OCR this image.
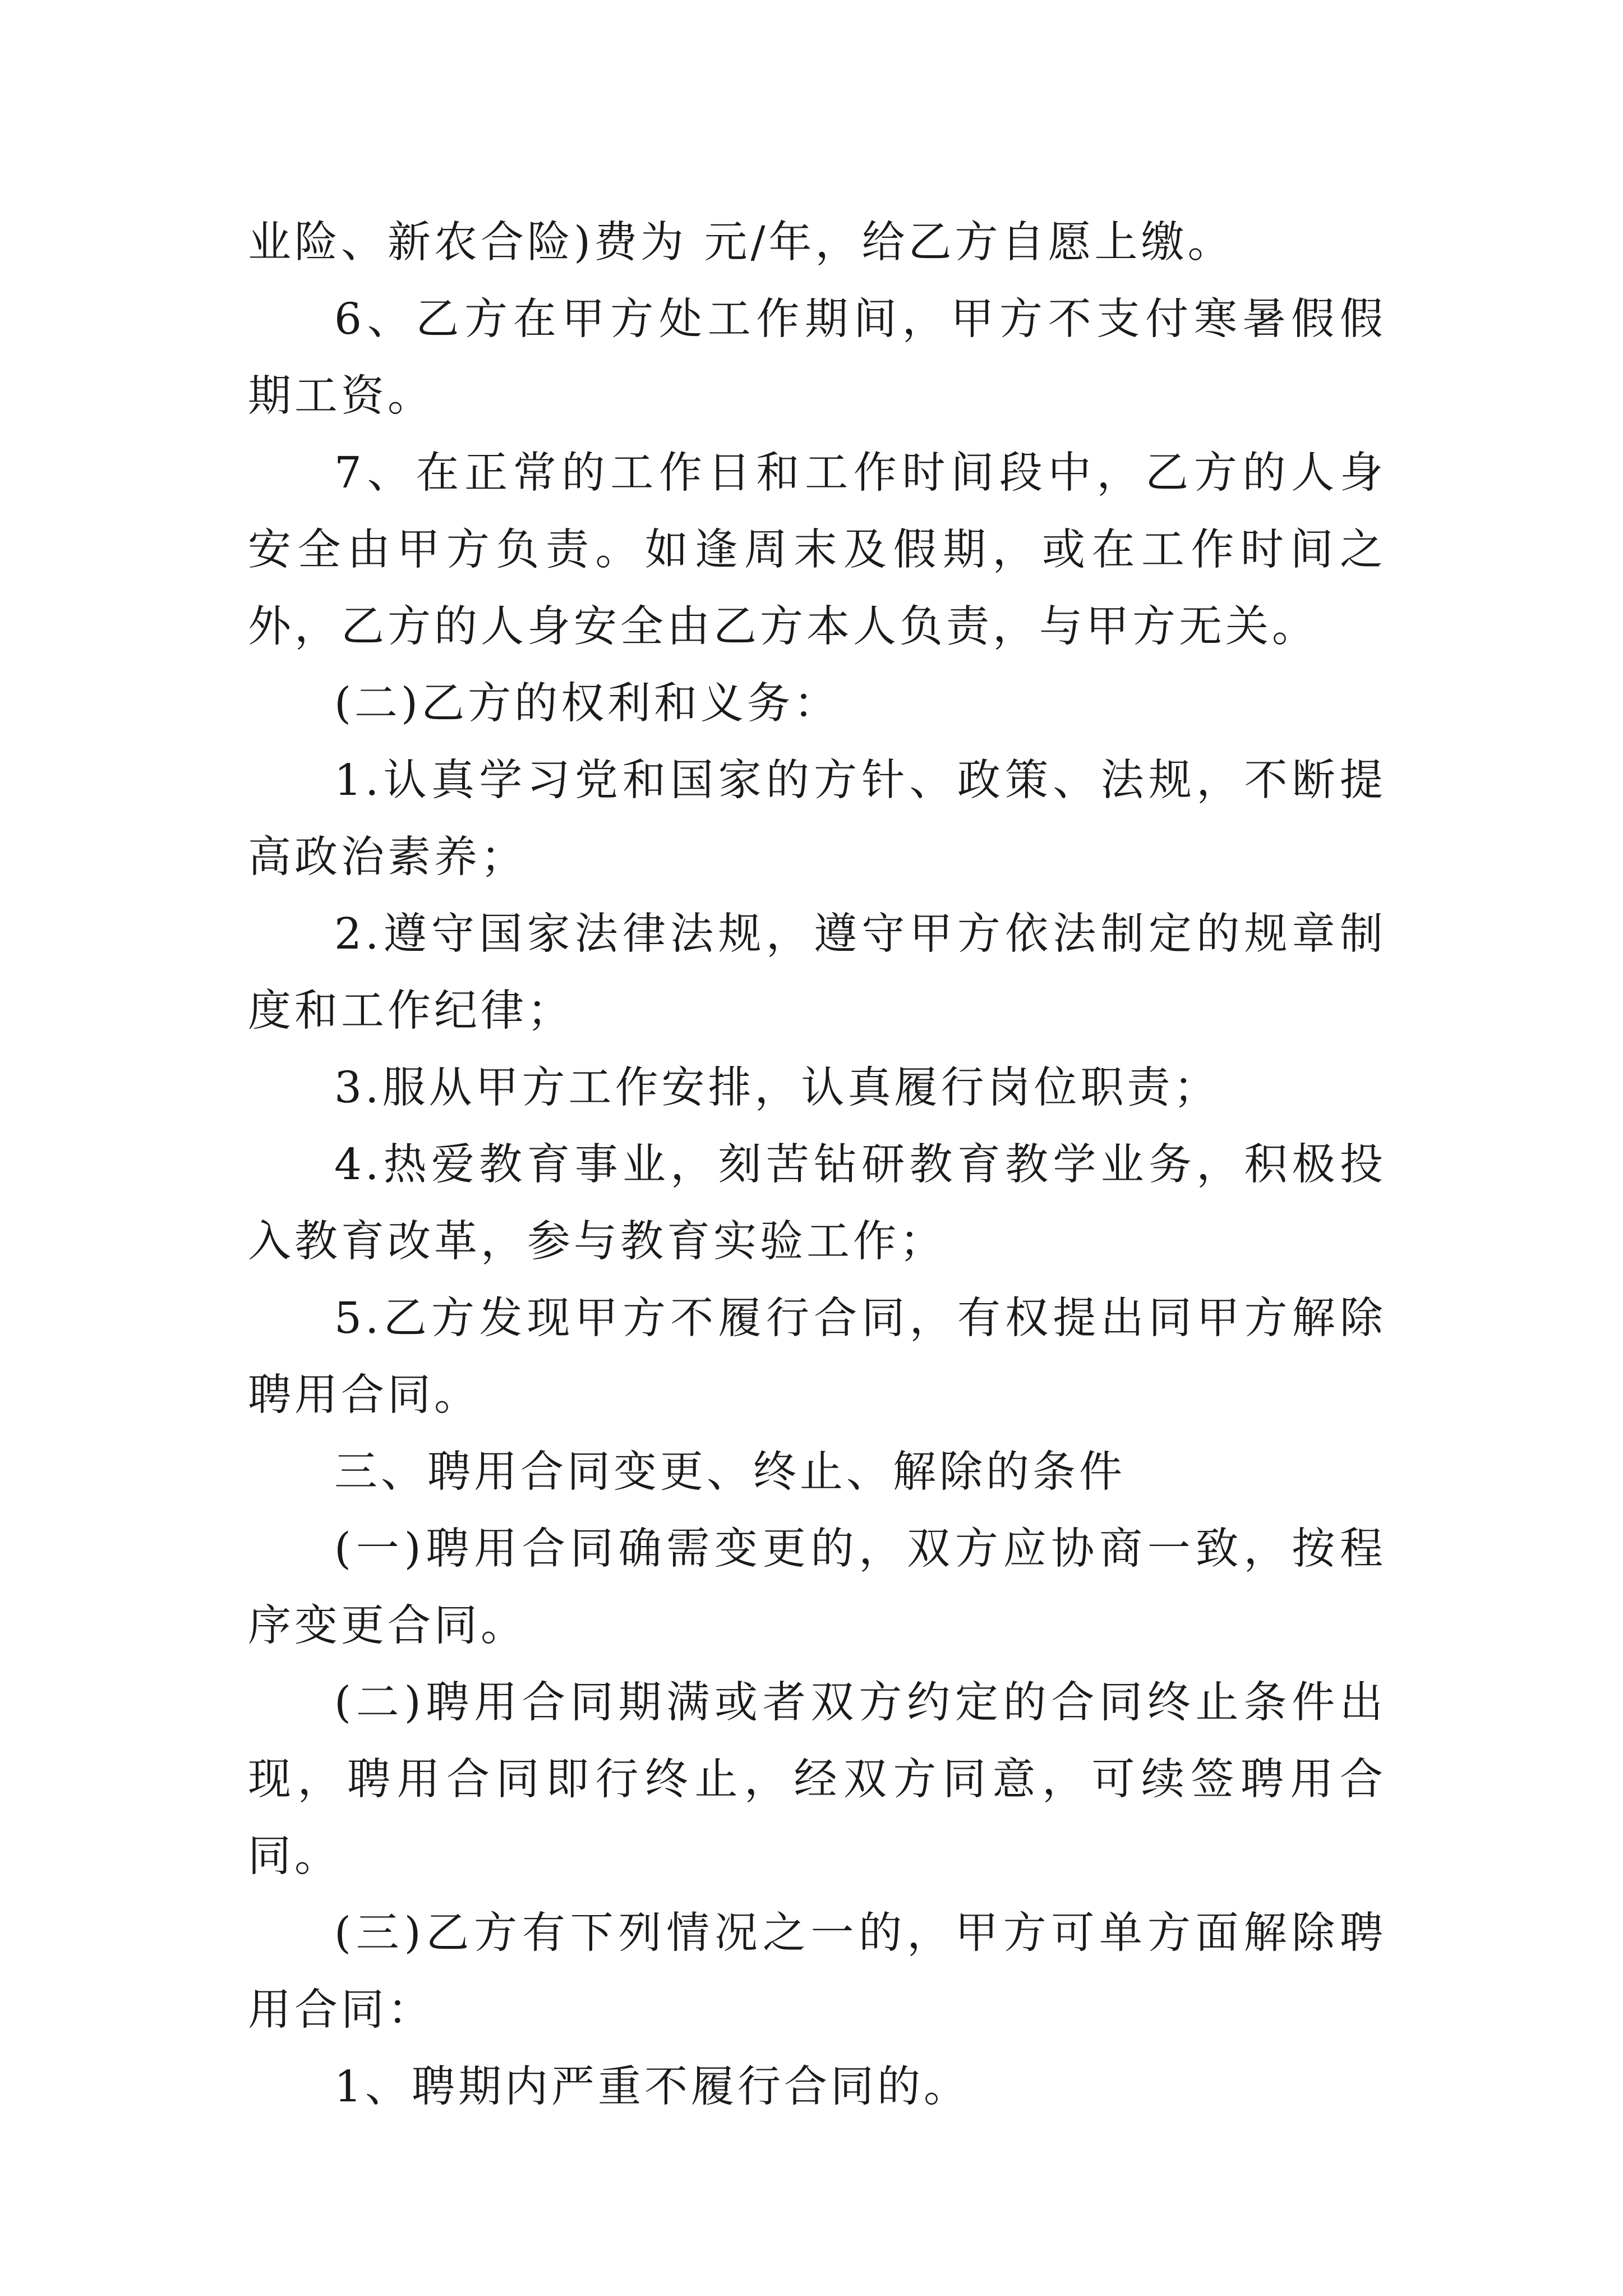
业险、新农合险)费为 元/年，给乙方自愿上缴。

6、乙方在甲方处工作期间，甲方不支付寒暑假假期工资。

7、在正常的工作日和工作时间段中，乙方的人身安全由甲方负责。如逢周末及假期，或在工作时间之外，乙方的人身安全由乙方本人负责，与甲方无关。

(二)乙方的权利和义务：

1.认真学习党和国家的方针、政策、法规，不断提高政治素养；

2.遵守国家法律法规，遵守甲方依法制定的规章制度和工作纪律；

3.服从甲方工作安排，认真履行岗位职责；

4.热爱教育事业，刻苦钻研教育教学业务，积极投入教育改革，参与教育实验工作；

5.乙方发现甲方不履行合同，有权提出同甲方解除聘用合同。

三、聘用合同变更、终止、解除的条件

(一)聘用合同确需变更的，双方应协商一致，按程序变更合同。

(二)聘用合同期满或者双方约定的合同终止条件出现，聘用合同即行终止，经双方同意，可续签聘用合同。

(三)乙方有下列情况之一的，甲方可单方面解除聘用合同：

1、聘期内严重不履行合同的。
